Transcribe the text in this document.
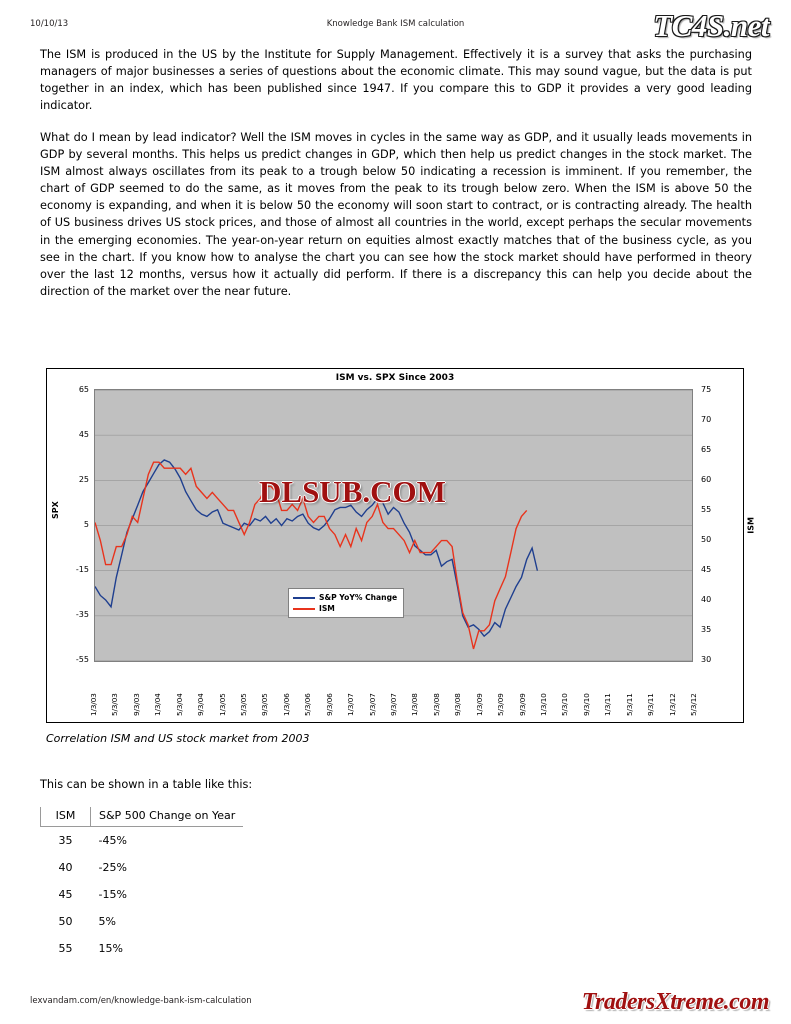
10/10/13	Knowledge Bank ISM calculation	TC4S.net

The ISM is produced in the US by the Institute for Supply Management. Effectively it is a survey that asks the purchasing managers of major businesses a series of questions about the economic climate. This may sound vague, but the data is put together in an index, which has been published since 1947. If you compare this to GDP it provides a very good leading indicator.

What do I mean by lead indicator? Well the ISM moves in cycles in the same way as GDP, and it usually leads movements in GDP by several months. This helps us predict changes in GDP, which then help us predict changes in the stock market. The ISM almost always oscillates from its peak to a trough below 50 indicating a recession is imminent. If you remember, the chart of GDP seemed to do the same, as it moves from the peak to its trough below zero. When the ISM is above 50 the economy is expanding, and when it is below 50 the economy will soon start to contract, or is contracting already. The health of US business drives US stock prices, and those of almost all countries in the world, except perhaps the secular movements in the emerging economies. The year-on-year return on equities almost exactly matches that of the business cycle, as you see in the chart. If you know how to analyse the chart you can see how the stock market should have performed in theory over the last 12 months, versus how it actually did perform. If there is a discrepancy this can help you decide about the direction of the market over the near future.

ISM vs. SPX Since 2003
SPX
ISM
65
45
25
5
-15
-35
-55
75
70
65
60
55
50
45
40
35
30
S&P YoY% Change
ISM
1/3/03 5/3/03 9/3/03 1/3/04 5/3/04 9/3/04 1/3/05 5/3/05 9/3/05 1/3/06 5/3/06 9/3/06 1/3/07 5/3/07 9/3/07 1/3/08 5/3/08 9/3/08 1/3/09 5/3/09 9/3/09 1/3/10 5/3/10 9/3/10 1/3/11 5/3/11 9/3/11 1/3/12 5/3/12
DLSUB.COM
Correlation ISM and US stock market from 2003

This can be shown in a table like this:

ISM	S&P 500 Change on Year
35	-45%
40	-25%
45	-15%
50	5%
55	15%
lexvandam.com/en/knowledge-bank-ism-calculation	TradersXtreme.com
